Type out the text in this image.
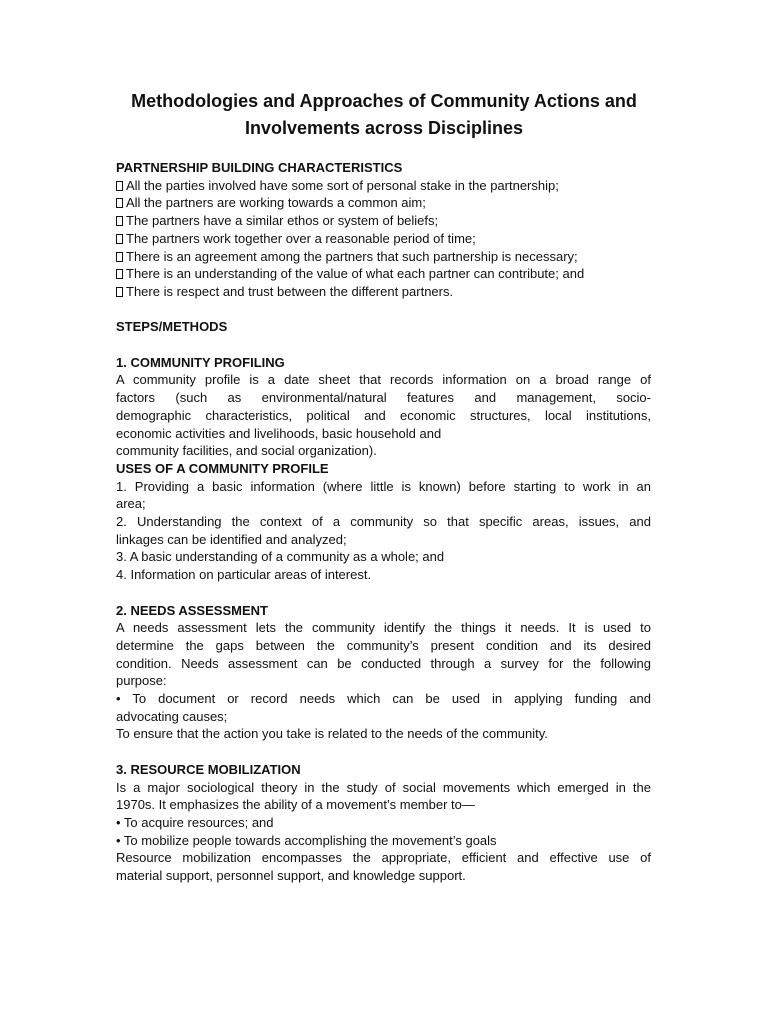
Methodologies and Approaches of Community Actions and
Involvements across Disciplines
PARTNERSHIP BUILDING CHARACTERISTICS
All the parties involved have some sort of personal stake in the partnership;
All the partners are working towards a common aim;
The partners have a similar ethos or system of beliefs;
The partners work together over a reasonable period of time;
There is an agreement among the partners that such partnership is necessary;
There is an understanding of the value of what each partner can contribute; and
There is respect and trust between the different partners.
STEPS/METHODS
1. COMMUNITY PROFILING
A community profile is a date sheet that records information on a broad range of
factors (such as environmental/natural features and management, socio-
demographic characteristics, political and economic structures, local institutions,
economic activities and livelihoods, basic household and
community facilities, and social organization).
USES OF A COMMUNITY PROFILE
1. Providing a basic information (where little is known) before starting to work in an
area;
2. Understanding the context of a community so that specific areas, issues, and
linkages can be identified and analyzed;
3. A basic understanding of a community as a whole; and
4. Information on particular areas of interest.
2. NEEDS ASSESSMENT
A needs assessment lets the community identify the things it needs. It is used to
determine the gaps between the community’s present condition and its desired
condition. Needs assessment can be conducted through a survey for the following
purpose:
• To document or record needs which can be used in applying funding and
advocating causes;
To ensure that the action you take is related to the needs of the community.
3. RESOURCE MOBILIZATION
Is a major sociological theory in the study of social movements which emerged in the
1970s. It emphasizes the ability of a movement’s member to—
• To acquire resources; and
• To mobilize people towards accomplishing the movement’s goals
Resource mobilization encompasses the appropriate, efficient and effective use of
material support, personnel support, and knowledge support.
